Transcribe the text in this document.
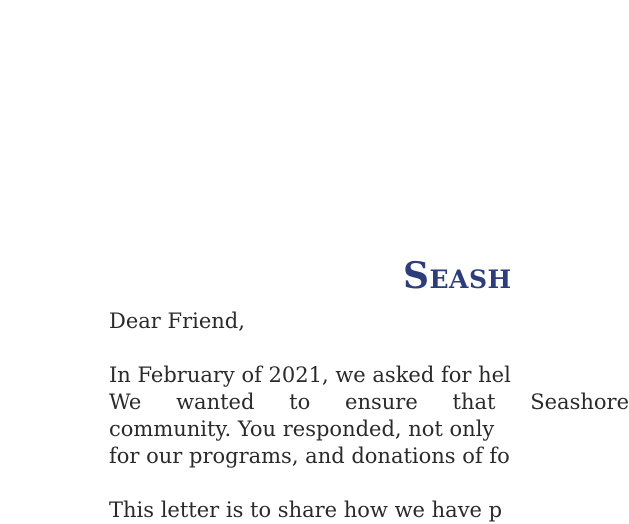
Seash

Dear Friend,

In February of 2021, we asked for hel
We wanted to ensure that Seashore
community. You responded, not only
for our programs, and donations of fo

This letter is to share how we have p
